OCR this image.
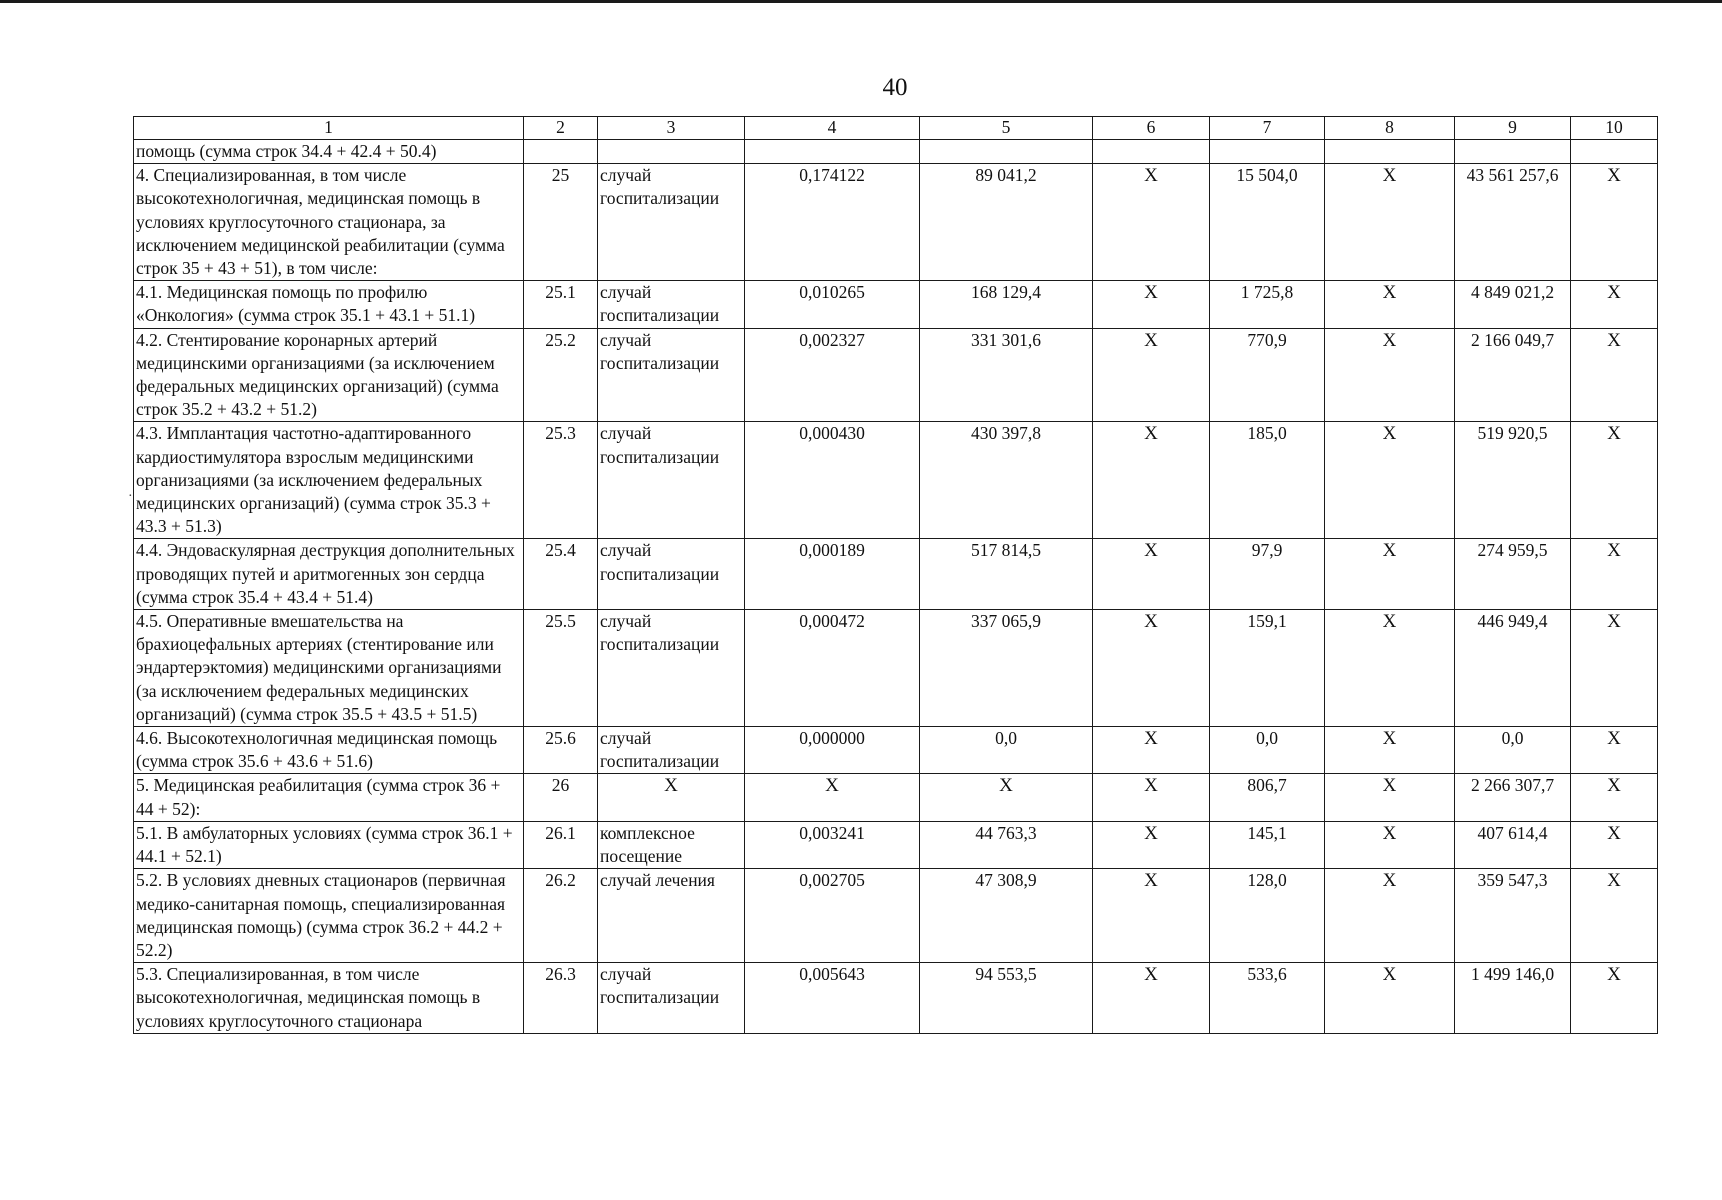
40
1	2	3	4	5	6	7	8	9	10
помощь (сумма строк 34.4 + 42.4 + 50.4)									
4. Специализированная, в том числе высокотехнологичная, медицинская помощь в условиях круглосуточного стационара, за исключением медицинской реабилитации (сумма строк 35 + 43 + 51), в том числе:	25	случай госпитализации	0,174122	89 041,2	X	15 504,0	X	43 561 257,6	X
4.1. Медицинская помощь по профилю «Онкология» (сумма строк 35.1 + 43.1 + 51.1)	25.1	случай госпитализации	0,010265	168 129,4	X	1 725,8	X	4 849 021,2	X
4.2. Стентирование коронарных артерий медицинскими организациями (за исключением федеральных медицинских организаций) (сумма строк 35.2 + 43.2 + 51.2)	25.2	случай госпитализации	0,002327	331 301,6	X	770,9	X	2 166 049,7	X
4.3. Имплантация частотно-адаптированного кардиостимулятора взрослым медицинскими организациями (за исключением федеральных медицинских организаций) (сумма строк 35.3 + 43.3 + 51.3)	25.3	случай госпитализации	0,000430	430 397,8	X	185,0	X	519 920,5	X
4.4. Эндоваскулярная деструкция дополнительных проводящих путей и аритмогенных зон сердца (сумма строк 35.4 + 43.4 + 51.4)	25.4	случай госпитализации	0,000189	517 814,5	X	97,9	X	274 959,5	X
4.5. Оперативные вмешательства на брахиоцефальных артериях (стентирование или эндартерэктомия) медицинскими организациями (за исключением федеральных медицинских организаций) (сумма строк 35.5 + 43.5 + 51.5)	25.5	случай госпитализации	0,000472	337 065,9	X	159,1	X	446 949,4	X
4.6. Высокотехнологичная медицинская помощь (сумма строк 35.6 + 43.6 + 51.6)	25.6	случай госпитализации	0,000000	0,0	X	0,0	X	0,0	X
5. Медицинская реабилитация (сумма строк 36 + 44 + 52):	26	X	X	X	X	806,7	X	2 266 307,7	X
5.1. В амбулаторных условиях (сумма строк 36.1 + 44.1 + 52.1)	26.1	комплексное посещение	0,003241	44 763,3	X	145,1	X	407 614,4	X
5.2. В условиях дневных стационаров (первичная медико-санитарная помощь, специализированная медицинская помощь) (сумма строк 36.2 + 44.2 + 52.2)	26.2	случай лечения	0,002705	47 308,9	X	128,0	X	359 547,3	X
5.3. Специализированная, в том числе высокотехнологичная, медицинская помощь в условиях круглосуточного стационара	26.3	случай госпитализации	0,005643	94 553,5	X	533,6	X	1 499 146,0	X
·
